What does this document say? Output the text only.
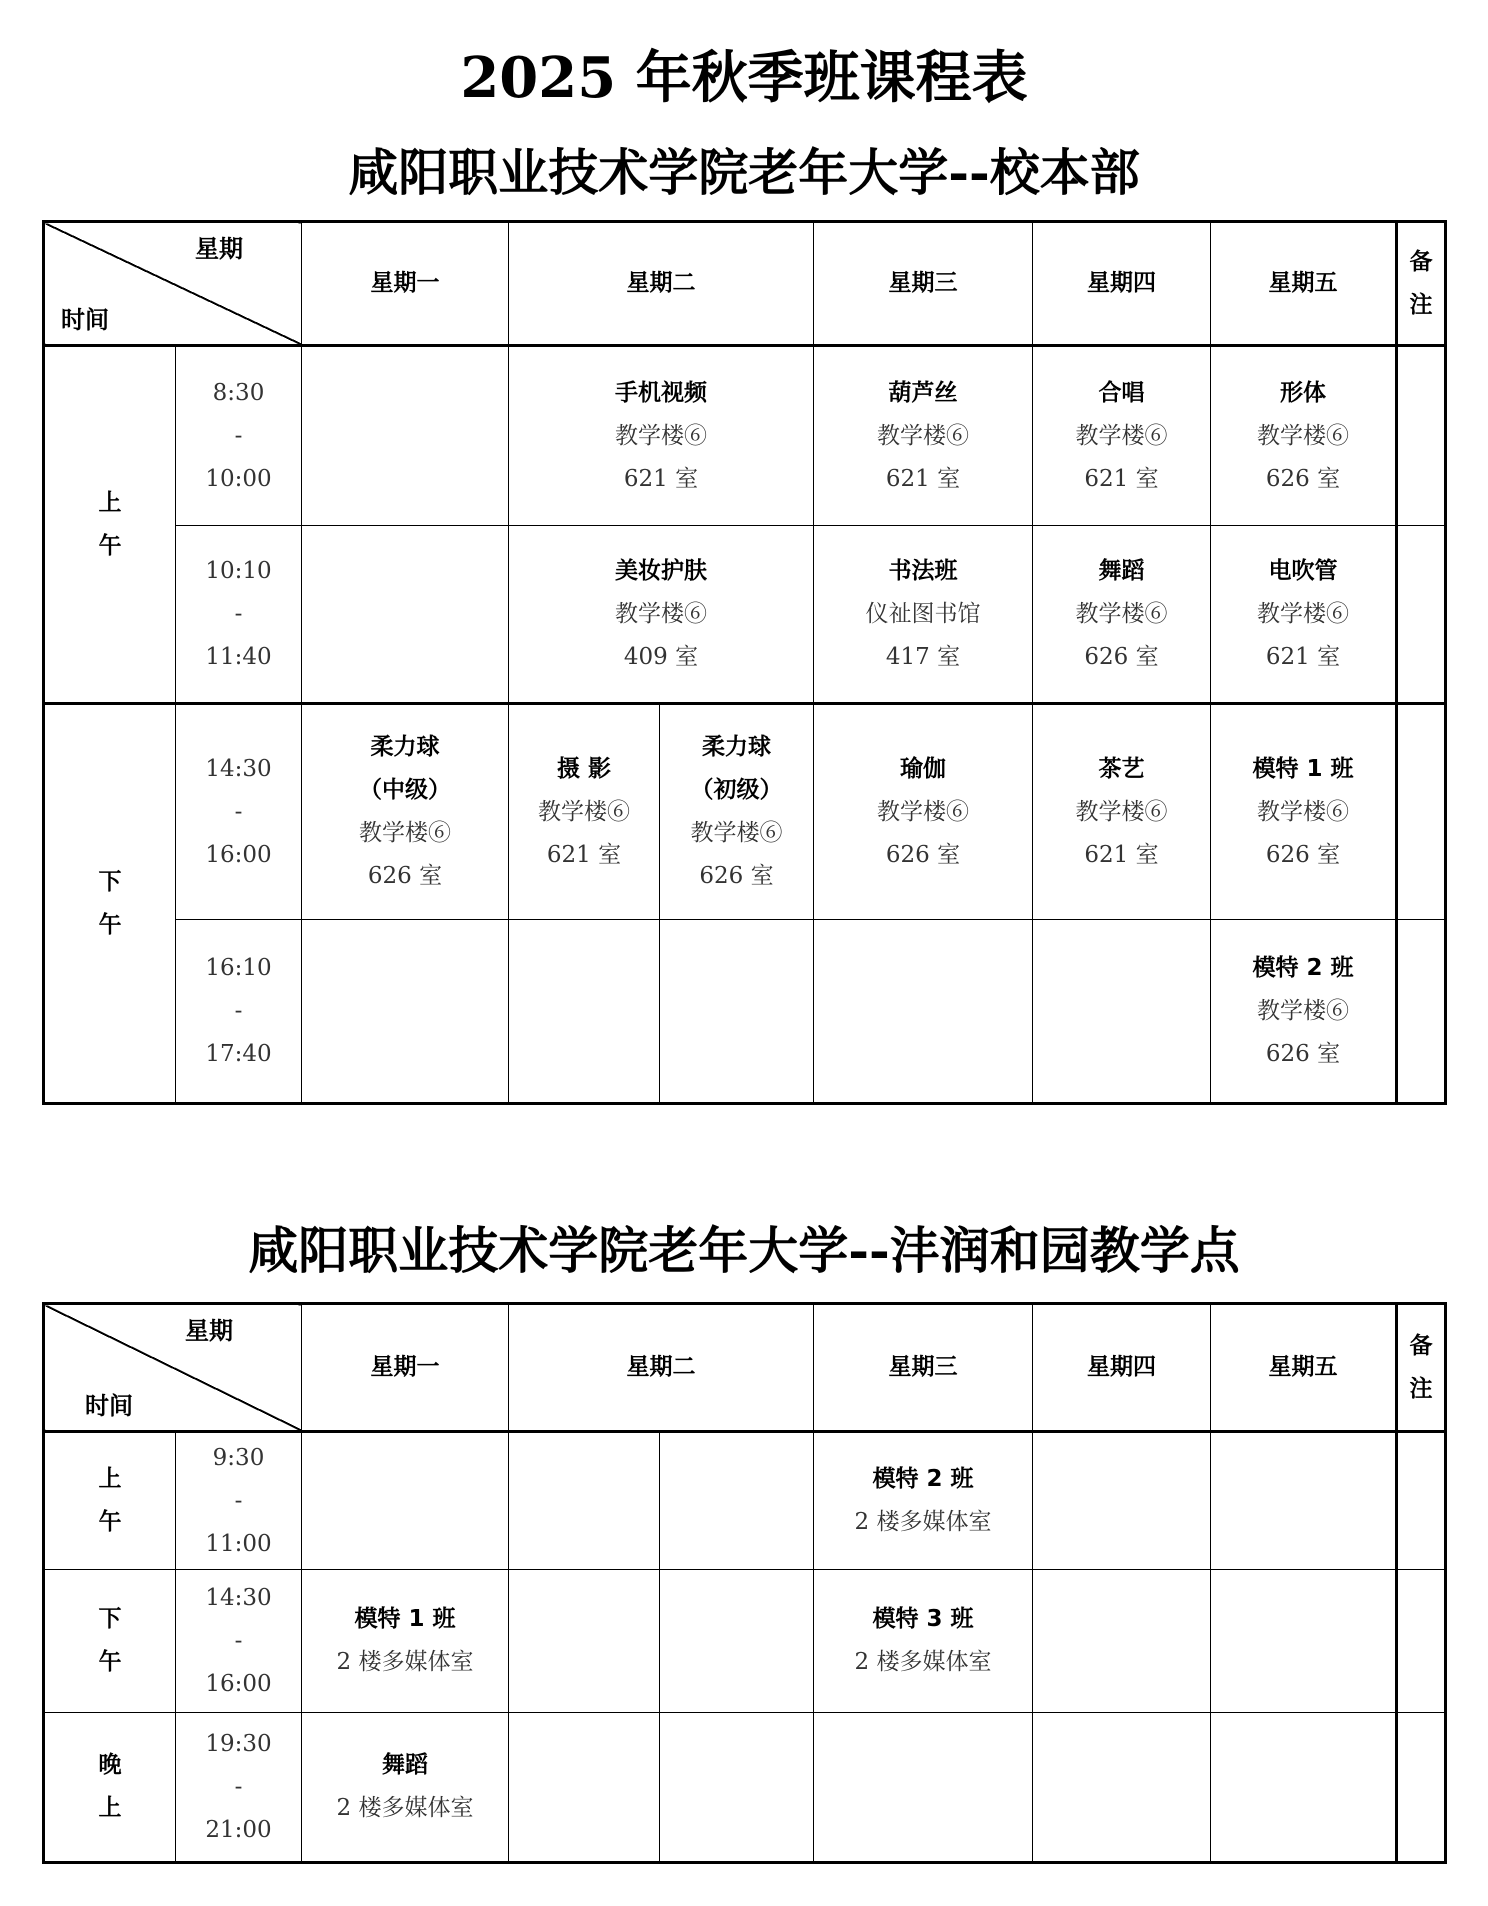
2025 年秋季班课程表
咸阳职业技术学院老年大学--校本部
星期
时间		星期一	星期二		星期三	星期四	星期五	备
注

上
午	8:30
-
10:00		手机视频
教学楼⑥
621 室		葫芦丝
教学楼⑥
621 室	合唱
教学楼⑥
621 室	形体
教学楼⑥
626 室	

	10:10
-
11:40		美妆护肤
教学楼⑥
409 室		书法班
仪祉图书馆
417 室	舞蹈
教学楼⑥
626 室	电吹管
教学楼⑥
621 室	

下
午	14:30
-
16:00	柔力球
（中级）
教学楼⑥
626 室	摄 影
教学楼⑥
621 室	柔力球
（初级）
教学楼⑥
626 室	瑜伽
教学楼⑥
626 室	茶艺
教学楼⑥
621 室	模特 1 班
教学楼⑥
626 室	

	16:10
-
17:40						模特 2 班
教学楼⑥
626 室	

咸阳职业技术学院老年大学--沣润和园教学点
星期
时间		星期一	星期二		星期三	星期四	星期五	备
注

上
午	9:30
-
11:00				模特 2 班
2 楼多媒体室			

下
午	14:30
-
16:00	模特 1 班
2 楼多媒体室			模特 3 班
2 楼多媒体室			

晚
上	19:30
-
21:00	舞蹈
2 楼多媒体室						
